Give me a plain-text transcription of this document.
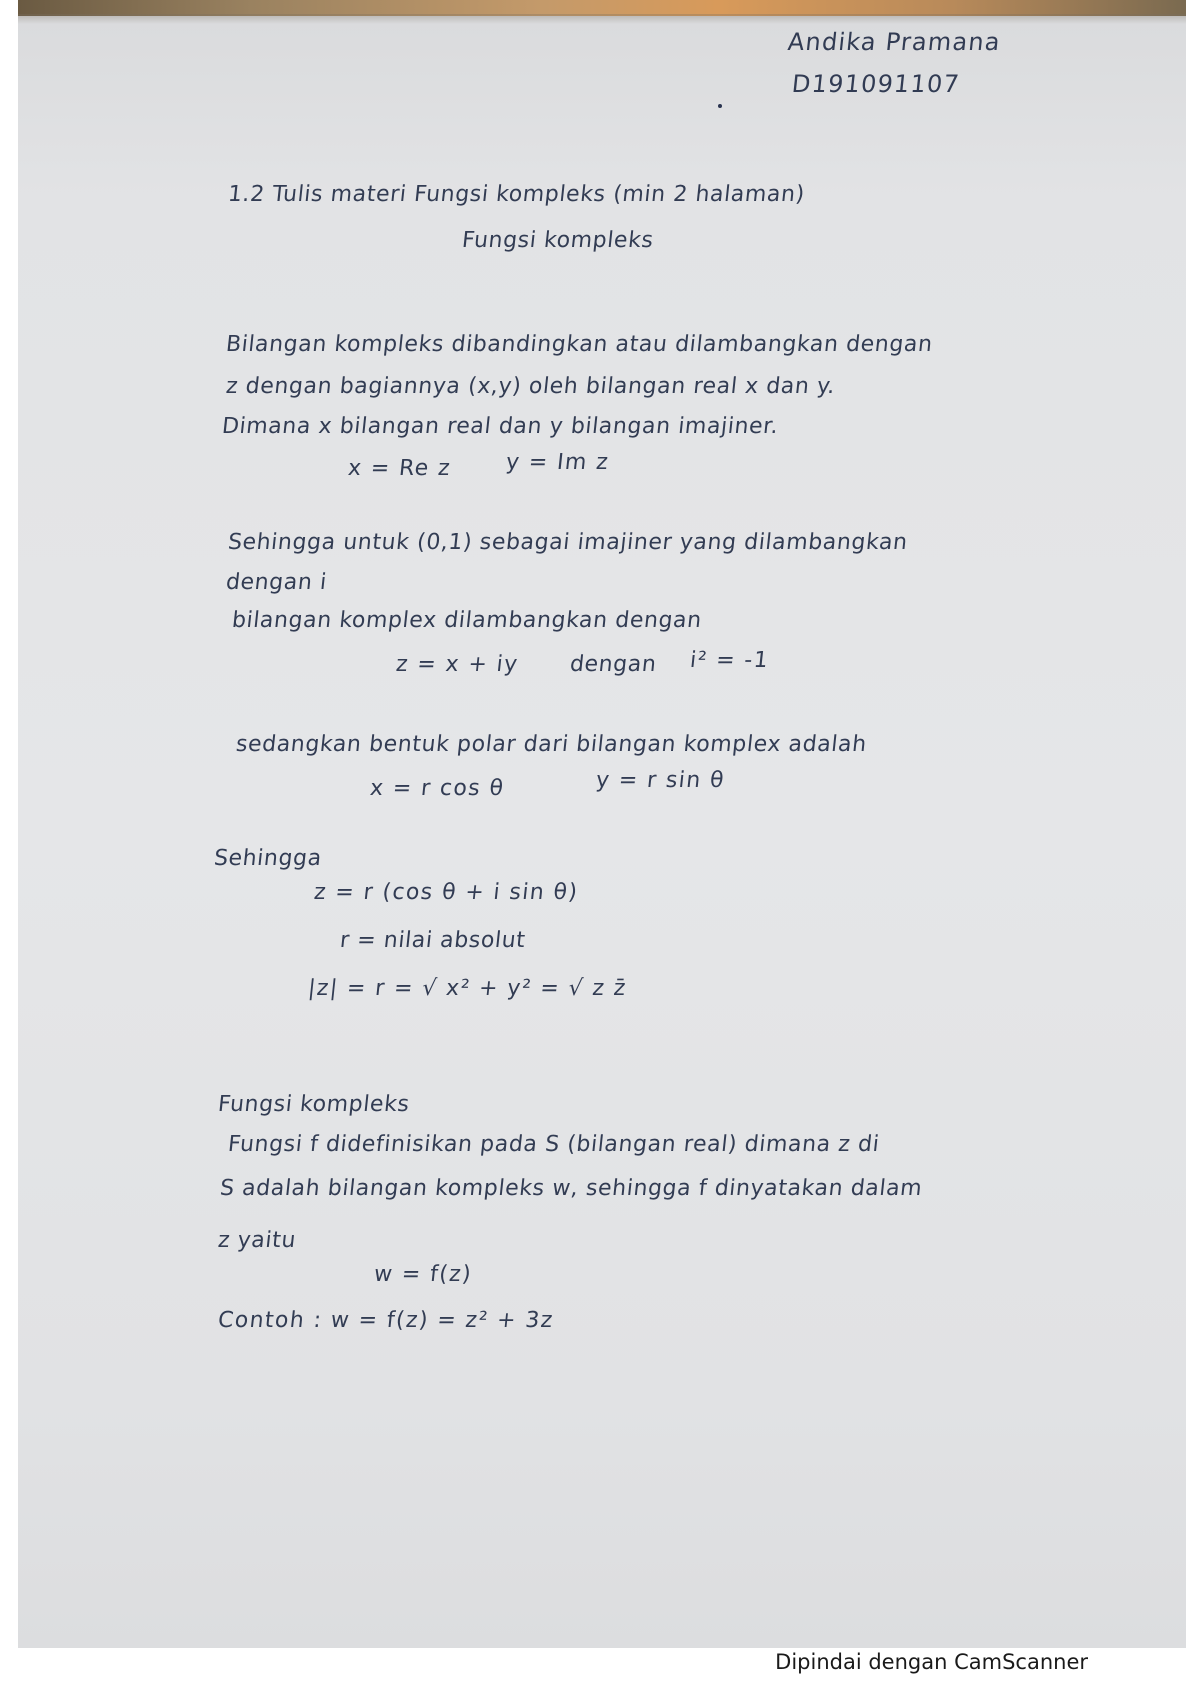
Andika Pramana
D191091107
1.2 Tulis materi Fungsi kompleks (min 2 halaman)
Fungsi kompleks
Bilangan kompleks dibandingkan atau dilambangkan dengan
z dengan bagiannya (x,y) oleh bilangan real x dan y.
Dimana x bilangan real dan y bilangan imajiner.
x = Re z y = Im z
Sehingga untuk (0,1) sebagai imajiner yang dilambangkan
dengan i
bilangan komplex dilambangkan dengan
z = x + iy dengan i² = -1
sedangkan bentuk polar dari bilangan komplex adalah
x = r cos θ	y = r sin θ
Sehingga
z = r (cos θ + i sin θ)
r = nilai absolut
|z| = r = √ x² + y² = √ z z̄
Fungsi kompleks
Fungsi f didefinisikan pada S (bilangan real) dimana z di
S adalah bilangan kompleks w, sehingga f dinyatakan dalam
z yaitu
w = f(z)
Contoh : w = f(z) = z² + 3z
Dipindai dengan CamScanner
